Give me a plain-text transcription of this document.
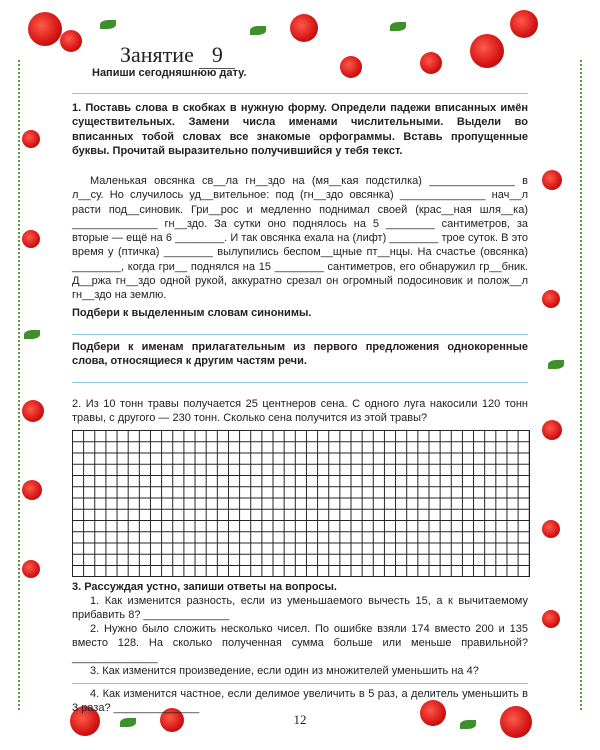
Занятие 9
Напиши сегодняшнюю дату.
1. Поставь слова в скобках в нужную форму. Определи падежи вписанных имён существительных. Замени числа именами числительными. Выдели во вписанных тобой словах все знакомые орфограммы. Вставь пропущенные буквы. Прочитай выразительно получившийся у тебя текст.
Маленькая овсянка св__ла гн__здо на (мя__кая подстилка) ______________ в л__су. Но случилось уд__вительное: под (гн__здо овсянка) ______________ нач__л расти под__синовик. Гри__рос и медленно поднимал своей (крас__ная шля__ка) ______________ гн__здо. За сутки оно поднялось на 5 ________ сантиметров, за вторые — ещё на 6 ________. И так овсянка ехала на (лифт) ________ трое суток. В это время у (птичка) ________ вылупились беспом__щные пт__нцы. На счастье (овсянка) ________, когда гри__ поднялся на 15 ________ сантиметров, его обнаружил гр__бник. Д__ржа гн__здо одной рукой, аккуратно срезал он огромный подосиновик и полож__л гн__здо на землю.
Подбери к выделенным словам синонимы.
Подбери к именам прилагательным из первого предложения однокоренные слова, относящиеся к другим частям речи.
2. Из 10 тонн травы получается 25 центнеров сена. С одного луга накосили 120 тонн травы, с другого — 230 тонн. Сколько сена получится из этой травы?
3. Рассуждая устно, запиши ответы на вопросы.
1. Как изменится разность, если из уменьшаемого вычесть 15, а к вычитаемому прибавить 8? ______________
2. Нужно было сложить несколько чисел. По ошибке взяли 174 вместо 200 и 135 вместо 128. На сколько полученная сумма больше или меньше правильной? ______________
3. Как изменится произведение, если один из множителей уменьшить на 4?
4. Как изменится частное, если делимое увеличить в 5 раз, а делитель уменьшить в 3 раза? ______________
12
